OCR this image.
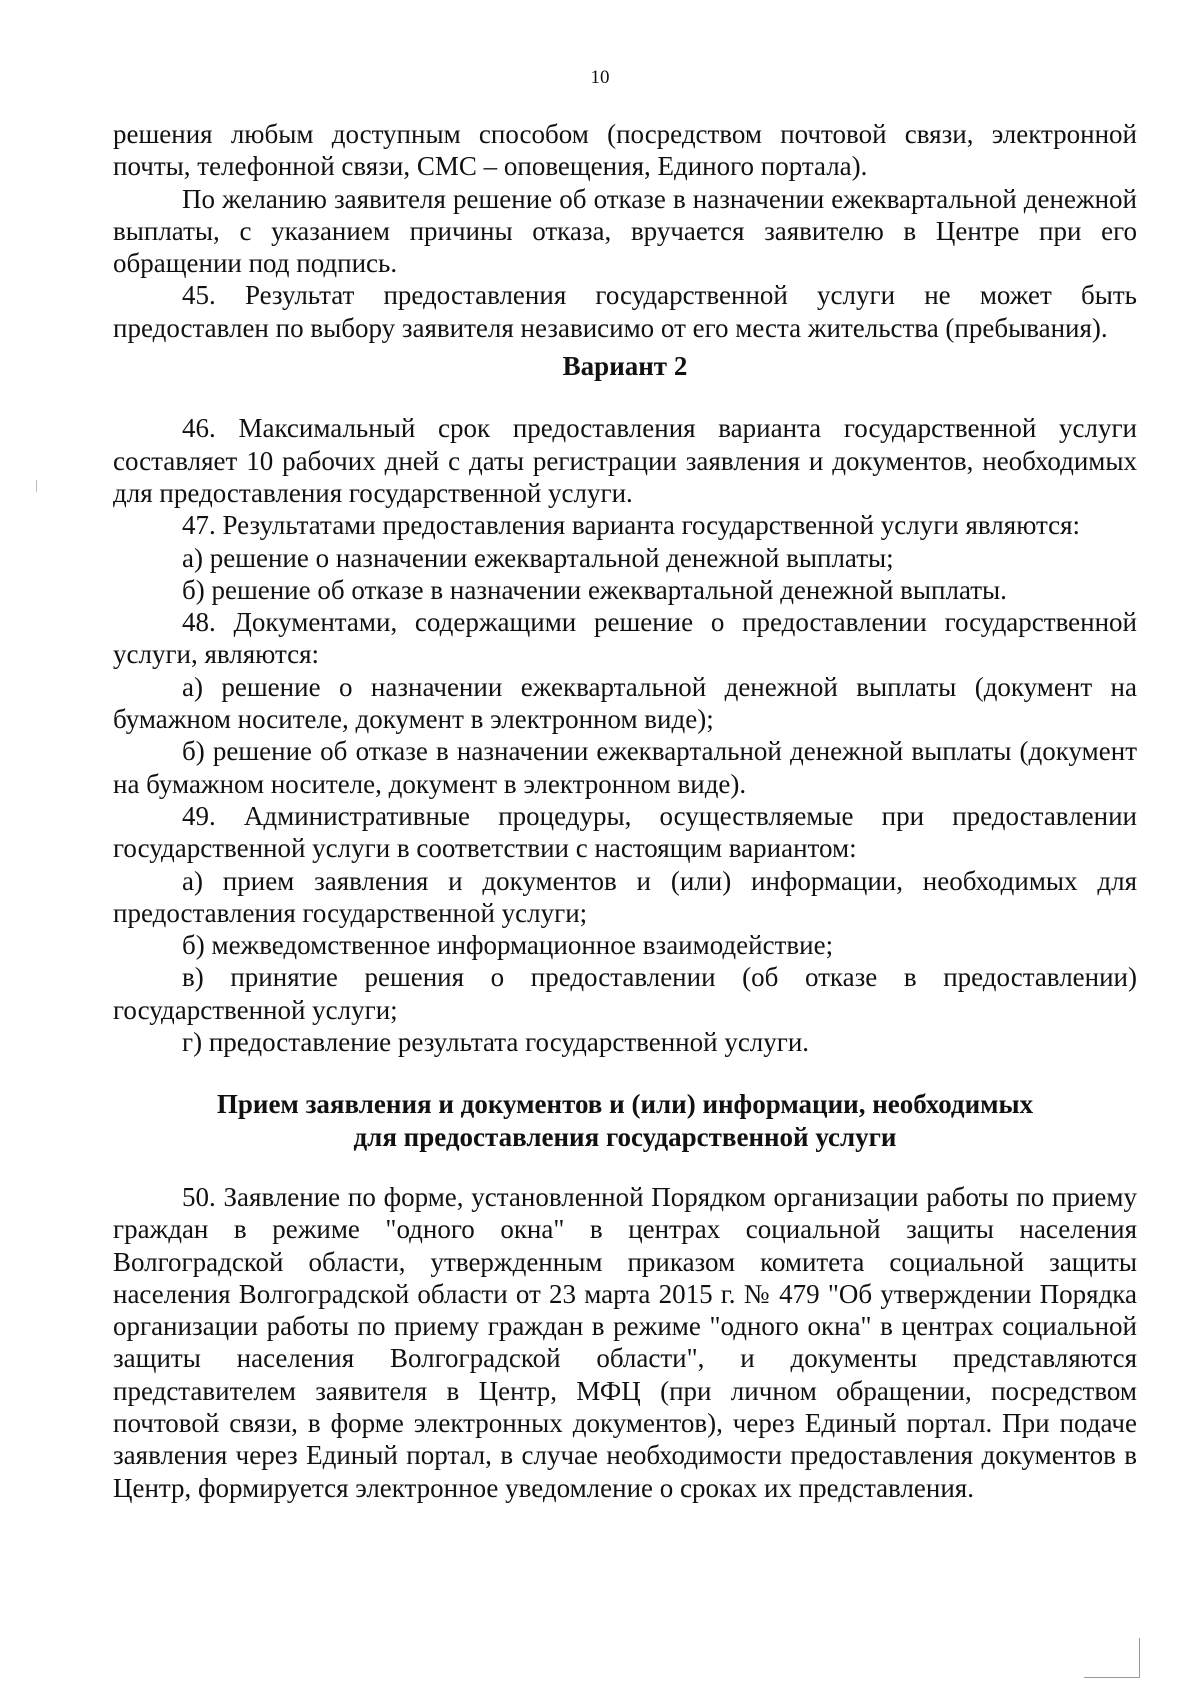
10

решения любым доступным способом (посредством почтовой связи, электронной почты, телефонной связи, СМС – оповещения, Единого портала).

По желанию заявителя решение об отказе в назначении ежеквартальной денежной выплаты, с указанием причины отказа, вручается заявителю в Центре при его обращении под подпись.

45. Результат предоставления государственной услуги не может быть предоставлен по выбору заявителя независимо от его места жительства (пребывания).

Вариант 2

46. Максимальный срок предоставления варианта государственной услуги составляет 10 рабочих дней с даты регистрации заявления и документов, необходимых для предоставления государственной услуги.

47. Результатами предоставления варианта государственной услуги являются:

а) решение о назначении ежеквартальной денежной выплаты;

б) решение об отказе в назначении ежеквартальной денежной выплаты.

48. Документами, содержащими решение о предоставлении государственной услуги, являются:

а) решение о назначении ежеквартальной денежной выплаты (документ на бумажном носителе, документ в электронном виде);

б) решение об отказе в назначении ежеквартальной денежной выплаты (документ на бумажном носителе, документ в электронном виде).

49. Административные процедуры, осуществляемые при предоставлении государственной услуги в соответствии с настоящим вариантом:

а) прием заявления и документов и (или) информации, необходимых для предоставления государственной услуги;

б) межведомственное информационное взаимодействие;

в) принятие решения о предоставлении (об отказе в предоставлении) государственной услуги;

г) предоставление результата государственной услуги.

Прием заявления и документов и (или) информации, необходимых
для предоставления государственной услуги

50. Заявление по форме, установленной Порядком организации работы по приему граждан в режиме "одного окна" в центрах социальной защиты населения Волгоградской области, утвержденным приказом комитета социальной защиты населения Волгоградской области от 23 марта 2015 г. № 479 "Об утверждении Порядка организации работы по приему граждан в режиме "одного окна" в центрах социальной защиты населения Волгоградской области", и документы представляются представителем заявителя в Центр, МФЦ (при личном обращении, посредством почтовой связи, в форме электронных документов), через Единый портал. При подаче заявления через Единый портал, в случае необходимости предоставления документов в Центр, формируется электронное уведомление о сроках их представления.
